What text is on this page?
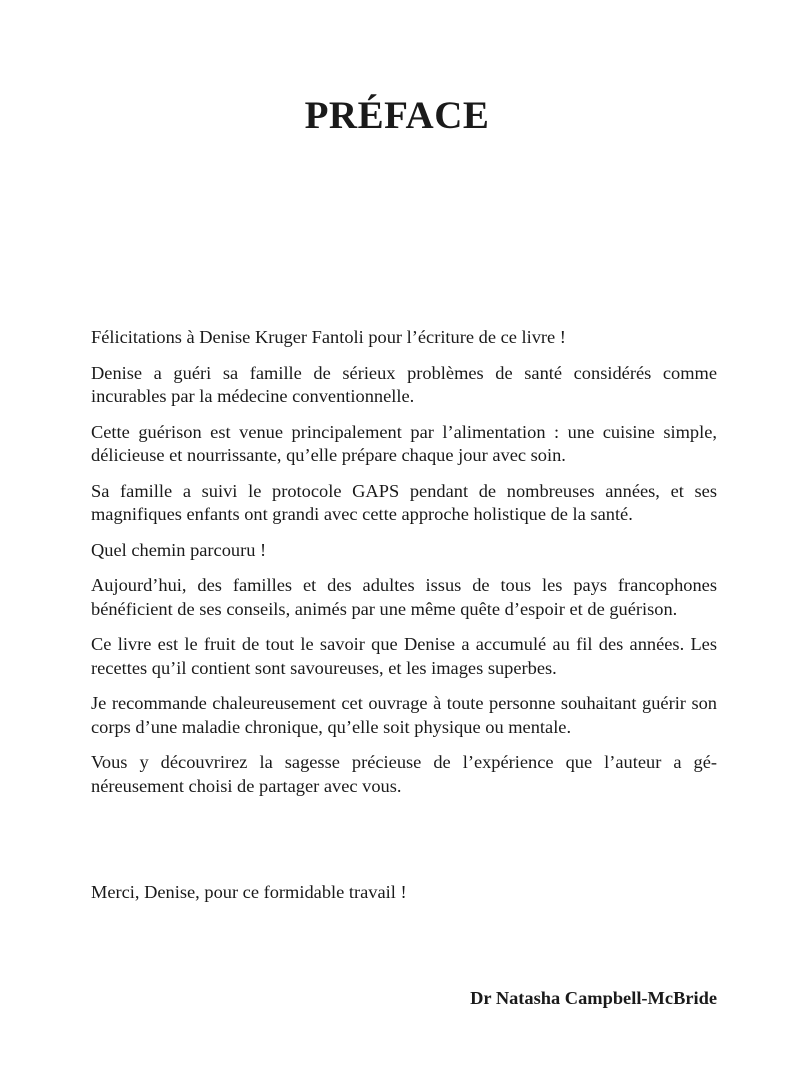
PRÉFACE

Félicitations à Denise Kruger Fantoli pour l’écriture de ce livre !

Denise a guéri sa famille de sérieux problèmes de santé considérés comme incurables par la médecine conventionnelle.

Cette guérison est venue principalement par l’alimentation : une cuisine simple, délicieuse et nourrissante, qu’elle prépare chaque jour avec soin.

Sa famille a suivi le protocole GAPS pendant de nombreuses années, et ses magnifiques enfants ont grandi avec cette approche holistique de la santé.

Quel chemin parcouru !

Aujourd’hui, des familles et des adultes issus de tous les pays francophones bénéficient de ses conseils, animés par une même quête d’espoir et de guérison.

Ce livre est le fruit de tout le savoir que Denise a accumulé au fil des années. Les recettes qu’il contient sont savoureuses, et les images superbes.

Je recommande chaleureusement cet ouvrage à toute personne souhaitant guérir son corps d’une maladie chronique, qu’elle soit physique ou mentale.

Vous y découvrirez la sagesse précieuse de l’expérience que l’auteur a généreusement choisi de partager avec vous.

Merci, Denise, pour ce formidable travail !

Dr Natasha Campbell-McBride
